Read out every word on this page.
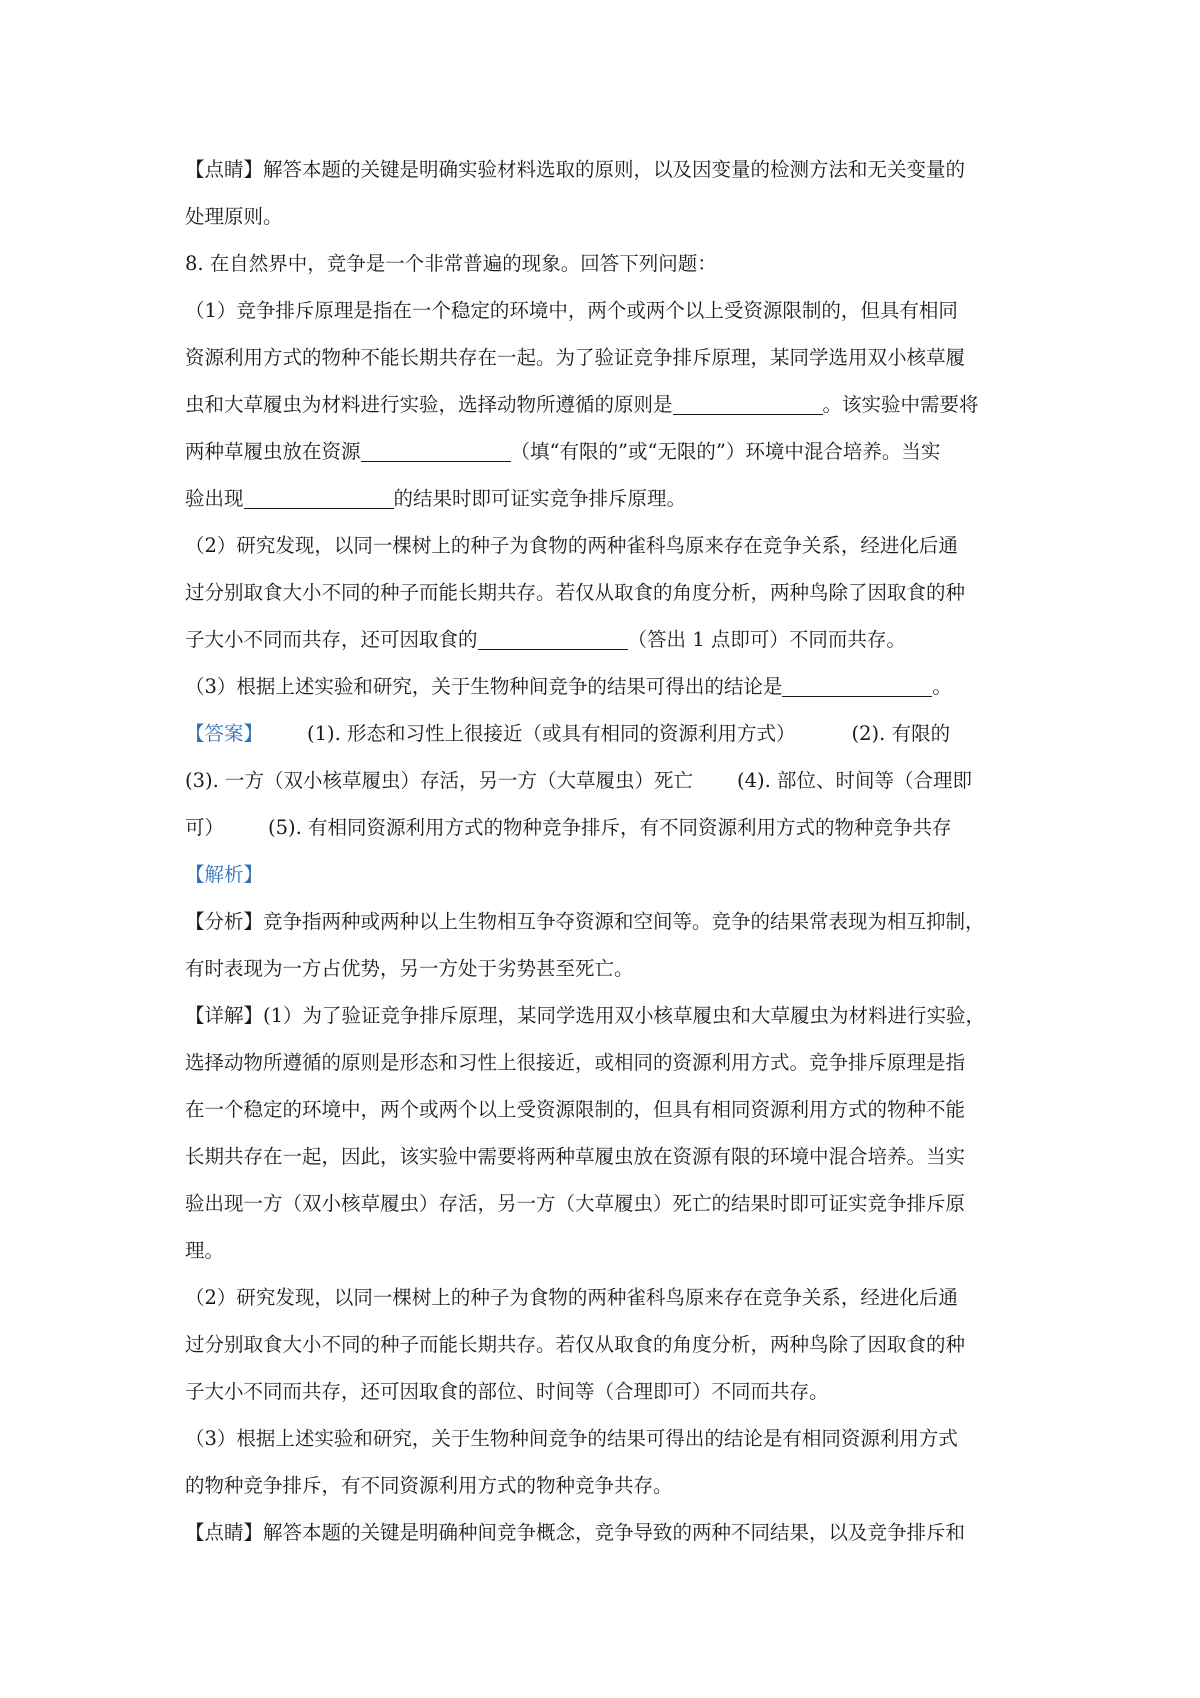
【点睛】解答本题的关键是明确实验材料选取的原则，以及因变量的检测方法和无关变量的
处理原则。
8. 在自然界中，竞争是一个非常普遍的现象。回答下列问题：
（1）竞争排斥原理是指在一个稳定的环境中，两个或两个以上受资源限制的，但具有相同
资源利用方式的物种不能长期共存在一起。为了验证竞争排斥原理，某同学选用双小核草履
虫和大草履虫为材料进行实验，选择动物所遵循的原则是	。该实验中需要将
两种草履虫放在资源	（填“有限的”或“无限的”）环境中混合培养。当实
验出现	的结果时即可证实竞争排斥原理。
（2）研究发现，以同一棵树上的种子为食物的两种雀科鸟原来存在竞争关系，经进化后通
过分别取食大小不同的种子而能长期共存。若仅从取食的角度分析，两种鸟除了因取食的种
子大小不同而共存，还可因取食的	（答出 1 点即可）不同而共存。
（3）根据上述实验和研究，关于生物种间竞争的结果可得出的结论是	。
【答案】 (1). 形态和习性上很接近（或具有相同的资源利用方式）	(2). 有限的
(3). 一方（双小核草履虫）存活，另一方（大草履虫）死亡 (4). 部位、时间等（合理即
可） (5). 有相同资源利用方式的物种竞争排斥，有不同资源利用方式的物种竞争共存
【解析】
【分析】竞争指两种或两种以上生物相互争夺资源和空间等。竞争的结果常表现为相互抑制，
有时表现为一方占优势，另一方处于劣势甚至死亡。
【详解】(1）为了验证竞争排斥原理，某同学选用双小核草履虫和大草履虫为材料进行实验，
选择动物所遵循的原则是形态和习性上很接近，或相同的资源利用方式。竞争排斥原理是指
在一个稳定的环境中，两个或两个以上受资源限制的，但具有相同资源利用方式的物种不能
长期共存在一起，因此，该实验中需要将两种草履虫放在资源有限的环境中混合培养。当实
验出现一方（双小核草履虫）存活，另一方（大草履虫）死亡的结果时即可证实竞争排斥原
理。
（2）研究发现，以同一棵树上的种子为食物的两种雀科鸟原来存在竞争关系，经进化后通
过分别取食大小不同的种子而能长期共存。若仅从取食的角度分析，两种鸟除了因取食的种
子大小不同而共存，还可因取食的部位、时间等（合理即可）不同而共存。
（3）根据上述实验和研究，关于生物种间竞争的结果可得出的结论是有相同资源利用方式
的物种竞争排斥，有不同资源利用方式的物种竞争共存。
【点睛】解答本题的关键是明确种间竞争概念，竞争导致的两种不同结果，以及竞争排斥和
